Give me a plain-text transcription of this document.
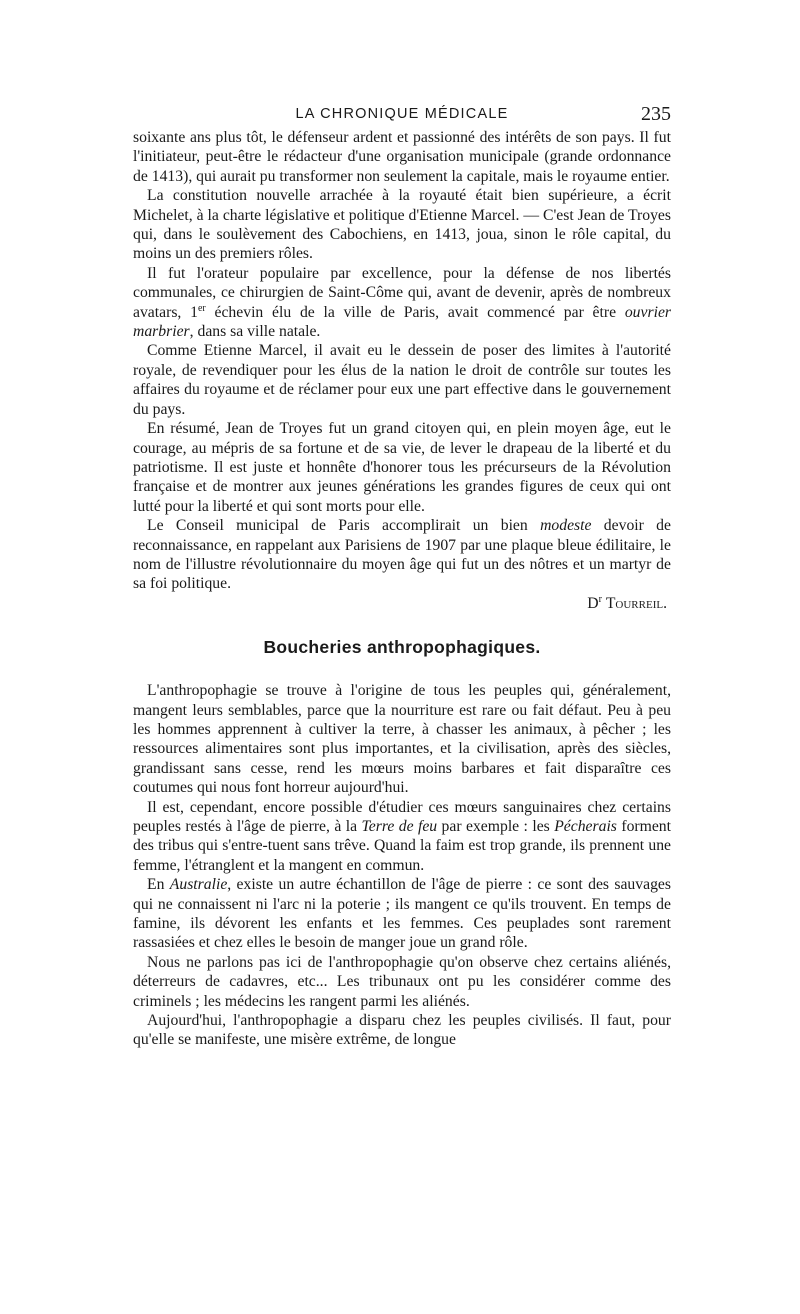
LA CHRONIQUE MÉDICALE	235

soixante ans plus tôt, le défenseur ardent et passionné des intérêts de son pays. Il fut l'initiateur, peut-être le rédacteur d'une organisation municipale (grande ordonnance de 1413), qui aurait pu transformer non seulement la capitale, mais le royaume entier.

La constitution nouvelle arrachée à la royauté était bien supérieure, a écrit Michelet, à la charte législative et politique d'Etienne Marcel. — C'est Jean de Troyes qui, dans le soulèvement des Cabochiens, en 1413, joua, sinon le rôle capital, du moins un des premiers rôles.

Il fut l'orateur populaire par excellence, pour la défense de nos libertés communales, ce chirurgien de Saint-Côme qui, avant de devenir, après de nombreux avatars, 1er échevin élu de la ville de Paris, avait commencé par être ouvrier marbrier, dans sa ville natale.

Comme Etienne Marcel, il avait eu le dessein de poser des limites à l'autorité royale, de revendiquer pour les élus de la nation le droit de contrôle sur toutes les affaires du royaume et de réclamer pour eux une part effective dans le gouvernement du pays.

En résumé, Jean de Troyes fut un grand citoyen qui, en plein moyen âge, eut le courage, au mépris de sa fortune et de sa vie, de lever le drapeau de la liberté et du patriotisme. Il est juste et honnête d'honorer tous les précurseurs de la Révolution française et de montrer aux jeunes générations les grandes figures de ceux qui ont lutté pour la liberté et qui sont morts pour elle.

Le Conseil municipal de Paris accomplirait un bien modeste devoir de reconnaissance, en rappelant aux Parisiens de 1907 par une plaque bleue édilitaire, le nom de l'illustre révolutionnaire du moyen âge qui fut un des nôtres et un martyr de sa foi politique.

$D^r$ Tourreil.

Boucheries anthropophagiques.

L'anthropophagie se trouve à l'origine de tous les peuples qui, généralement, mangent leurs semblables, parce que la nourriture est rare ou fait défaut. Peu à peu les hommes apprennent à cultiver la terre, à chasser les animaux, à pêcher ; les ressources alimentaires sont plus importantes, et la civilisation, après des siècles, grandissant sans cesse, rend les mœurs moins barbares et fait disparaître ces coutumes qui nous font horreur aujourd'hui.

Il est, cependant, encore possible d'étudier ces mœurs sanguinaires chez certains peuples restés à l'âge de pierre, à la Terre de feu par exemple : les Pécherais forment des tribus qui s'entre-tuent sans trêve. Quand la faim est trop grande, ils prennent une femme, l'étranglent et la mangent en commun.

En Australie, existe un autre échantillon de l'âge de pierre : ce sont des sauvages qui ne connaissent ni l'arc ni la poterie ; ils mangent ce qu'ils trouvent. En temps de famine, ils dévorent les enfants et les femmes. Ces peuplades sont rarement rassasiées et chez elles le besoin de manger joue un grand rôle.

Nous ne parlons pas ici de l'anthropophagie qu'on observe chez certains aliénés, déterreurs de cadavres, etc... Les tribunaux ont pu les considérer comme des criminels ; les médecins les rangent parmi les aliénés.

Aujourd'hui, l'anthropophagie a disparu chez les peuples civilisés. Il faut, pour qu'elle se manifeste, une misère extrême, de longue
